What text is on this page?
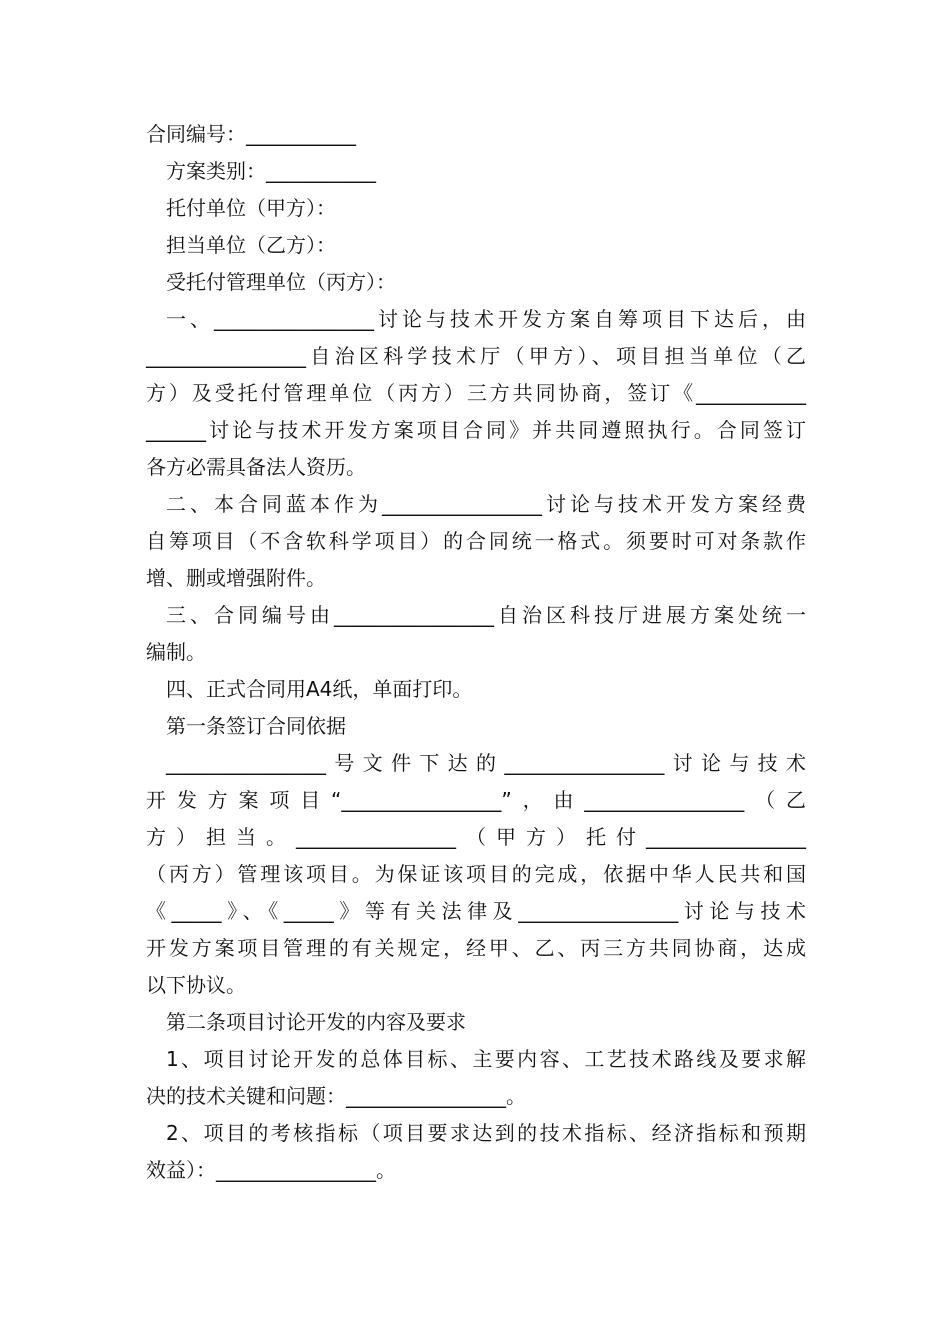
合同编号：___________
方案类别：___________
托付单位（甲方）：
担当单位（乙方）：
受托付管理单位（丙方）：
一、________________讨论与技术开发方案自筹项目下达后，由
________________自治区科学技术厅（甲方）、项目担当单位（乙
方）及受托付管理单位（丙方）三方共同协商，签订《___________
______讨论与技术开发方案项目合同》并共同遵照执行。合同签订
各方必需具备法人资历。
二、本合同蓝本作为________________讨论与技术开发方案经费
自筹项目（不含软科学项目）的合同统一格式。须要时可对条款作
增、删或增强附件。
三、合同编号由________________自治区科技厅进展方案处统一
编制。
四、正式合同用A4纸，单面打印。
第一条签订合同依据
________________号文件下达的________________讨论与技术
开发方案项目“________________”，由________________（乙
方）担当。________________（甲方）托付________________
（丙方）管理该项目。为保证该项目的完成，依据中华人民共和国
《_____》、《_____》等有关法律及________________讨论与技术
开发方案项目管理的有关规定，经甲、乙、丙三方共同协商，达成
以下协议。
第二条项目讨论开发的内容及要求
1、项目讨论开发的总体目标、主要内容、工艺技术路线及要求解
决的技术关键和问题：________________。
2、项目的考核指标（项目要求达到的技术指标、经济指标和预期
效益）：________________。
